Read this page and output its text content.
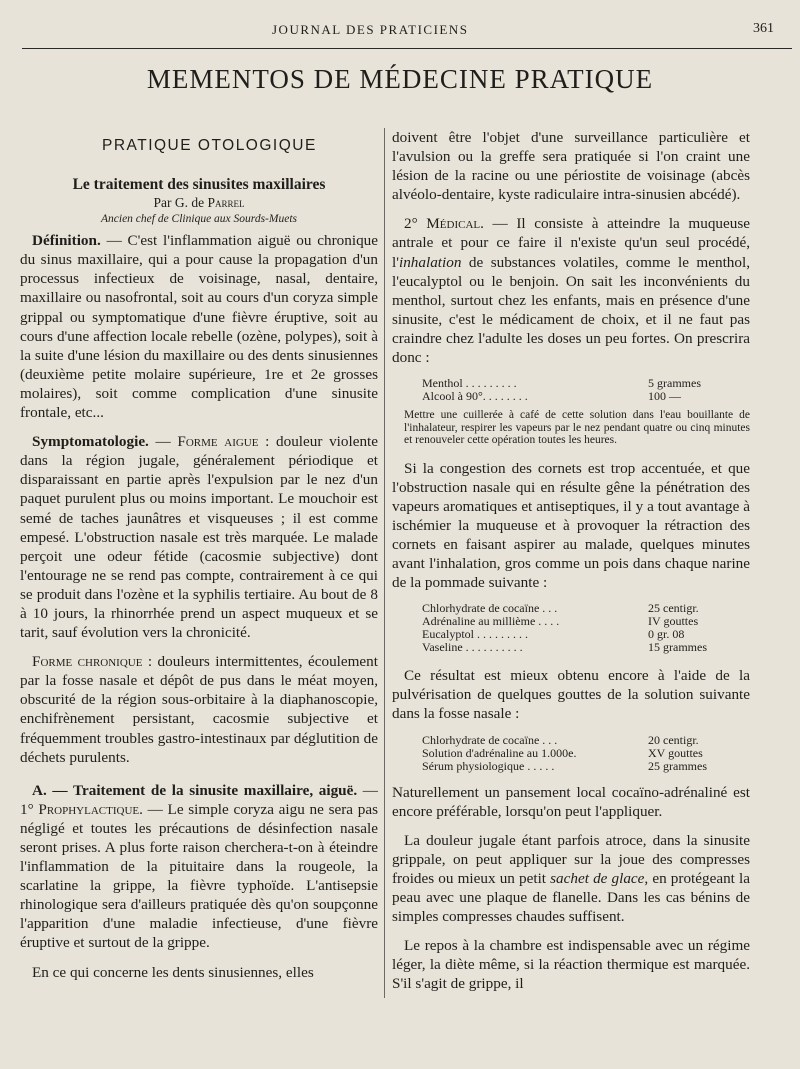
JOURNAL DES PRATICIENS	361
MEMENTOS DE MÉDECINE PRATIQUE
PRATIQUE OTOLOGIQUE
Le traitement des sinusites maxillaires
Par G. de Parrel
Ancien chef de Clinique aux Sourds-Muets

Définition. — C'est l'inflammation aiguë ou chronique du sinus maxillaire, qui a pour cause la propagation d'un processus infectieux de voisinage, nasal, dentaire, maxillaire ou nasofrontal, soit au cours d'un coryza simple grippal ou symptomatique d'une fièvre éruptive, soit au cours d'une affection locale rebelle (ozène, polypes), soit à la suite d'une lésion du maxillaire ou des dents sinusiennes (deuxième petite molaire supérieure, 1re et 2e grosses molaires), soit comme complication d'une sinusite frontale, etc...

Symptomatologie. — Forme aigue : douleur violente dans la région jugale, généralement périodique et disparaissant en partie après l'expulsion par le nez d'un paquet purulent plus ou moins important. Le mouchoir est semé de taches jaunâtres et visqueuses ; il est comme empesé. L'obstruction nasale est très marquée. Le malade perçoit une odeur fétide (cacosmie subjective) dont l'entourage ne se rend pas compte, contrairement à ce qui se produit dans l'ozène et la syphilis tertiaire. Au bout de 8 à 10 jours, la rhinorrhée prend un aspect muqueux et se tarit, sauf évolution vers la chronicité.

Forme chronique : douleurs intermittentes, écoulement par la fosse nasale et dépôt de pus dans le méat moyen, obscurité de la région sous-orbitaire à la diaphanoscopie, enchifrènement persistant, cacosmie subjective et fréquemment troubles gastro-intestinaux par déglutition de déchets purulents.

A. — Traitement de la sinusite maxillaire, aiguë. — 1° Prophylactique. — Le simple coryza aigu ne sera pas négligé et toutes les précautions de désinfection nasale seront prises. A plus forte raison cherchera-t-on à éteindre l'inflammation de la pituitaire dans la rougeole, la scarlatine la grippe, la fièvre typhoïde. L'antisepsie rhinologique sera d'ailleurs pratiquée dès qu'on soupçonne l'apparition d'une maladie infectieuse, d'une fièvre éruptive et surtout de la grippe.

En ce qui concerne les dents sinusiennes, elles

doivent être l'objet d'une surveillance particulière et l'avulsion ou la greffe sera pratiquée si l'on craint une lésion de la racine ou une périostite de voisinage (abcès alvéolo-dentaire, kyste radiculaire intra-sinusien abcédé).

2° Médical. — Il consiste à atteindre la muqueuse antrale et pour ce faire il n'existe qu'un seul procédé, l'inhalation de substances volatiles, comme le menthol, l'eucalyptol ou le benjoin. On sait les inconvénients du menthol, surtout chez les enfants, mais en présence d'une sinusite, c'est le médicament de choix, et il ne faut pas craindre chez l'adulte les doses un peu fortes. On prescrira donc :

Menthol . . . . . . . . .	5 grammes
Alcool à 90°. . . . . . . .	100 —
Mettre une cuillerée à café de cette solution dans l'eau bouillante de l'inhalateur, respirer les vapeurs par le nez pendant quatre ou cinq minutes et renouveler cette opération toutes les heures.

Si la congestion des cornets est trop accentuée, et que l'obstruction nasale qui en résulte gêne la pénétration des vapeurs aromatiques et antiseptiques, il y a tout avantage à ischémier la muqueuse et à provoquer la rétraction des cornets en faisant aspirer au malade, quelques minutes avant l'inhalation, gros comme un pois dans chaque narine de la pommade suivante :

Chlorhydrate de cocaïne . . .	25 centigr.
Adrénaline au millième . . . .	IV gouttes
Eucalyptol . . . . . . . . .	0 gr. 08
Vaseline . . . . . . . . . .	15 grammes

Ce résultat est mieux obtenu encore à l'aide de la pulvérisation de quelques gouttes de la solution suivante dans la fosse nasale :

Chlorhydrate de cocaïne . . .	20 centigr.
Solution d'adrénaline au 1.000e.	XV gouttes
Sérum physiologique . . . . .	25 grammes

Naturellement un pansement local cocaïno-adrénaliné est encore préférable, lorsqu'on peut l'appliquer.

La douleur jugale étant parfois atroce, dans la sinusite grippale, on peut appliquer sur la joue des compresses froides ou mieux un petit sachet de glace, en protégeant la peau avec une plaque de flanelle. Dans les cas bénins de simples compresses chaudes suffisent.

Le repos à la chambre est indispensable avec un régime léger, la diète même, si la réaction thermique est marquée. S'il s'agit de grippe, il
